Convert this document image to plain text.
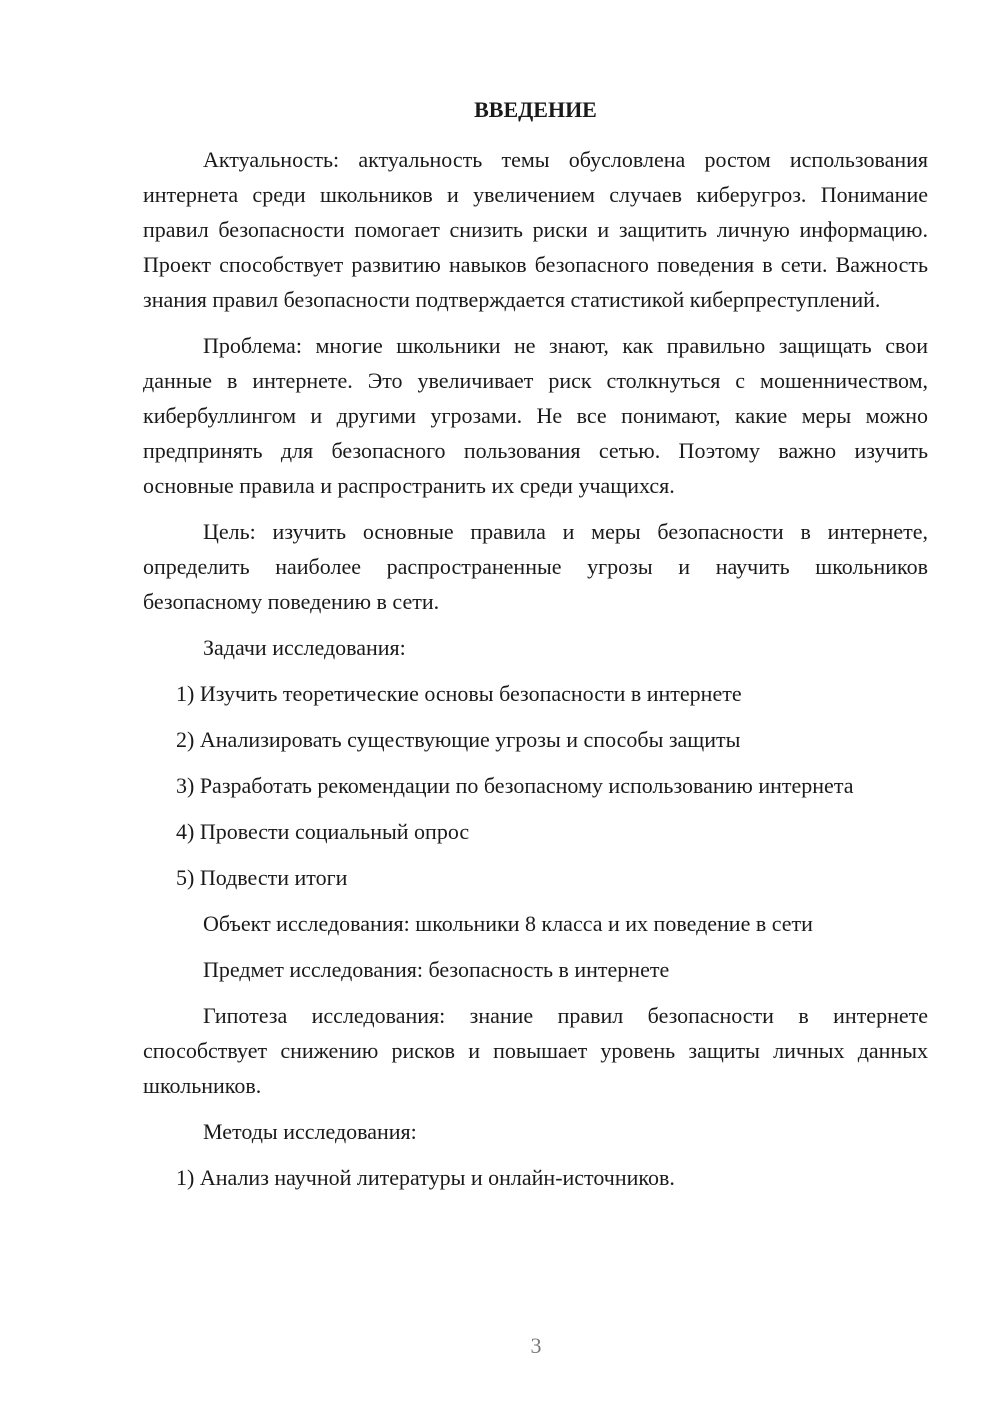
ВВЕДЕНИЕ

Актуальность: актуальность темы обусловлена ростом использования интернета среди школьников и увеличением случаев киберугроз. Понимание правил безопасности помогает снизить риски и защитить личную информацию. Проект способствует развитию навыков безопасного поведения в сети. Важность знания правил безопасности подтверждается статистикой киберпреступлений.

Проблема: многие школьники не знают, как правильно защищать свои данные в интернете. Это увеличивает риск столкнуться с мошенничеством, кибербуллингом и другими угрозами. Не все понимают, какие меры можно предпринять для безопасного пользования сетью. Поэтому важно изучить основные правила и распространить их среди учащихся.

Цель: изучить основные правила и меры безопасности в интернете, определить наиболее распространенные угрозы и научить школьников безопасному поведению в сети.

Задачи исследования:

1) Изучить теоретические основы безопасности в интернете

2) Анализировать существующие угрозы и способы защиты

3) Разработать рекомендации по безопасному использованию интернета

4) Провести социальный опрос

5) Подвести итоги

Объект исследования: школьники 8 класса и их поведение в сети

Предмет исследования: безопасность в интернете

Гипотеза исследования: знание правил безопасности в интернете способствует снижению рисков и повышает уровень защиты личных данных школьников.

Методы исследования:

1) Анализ научной литературы и онлайн-источников.

3
